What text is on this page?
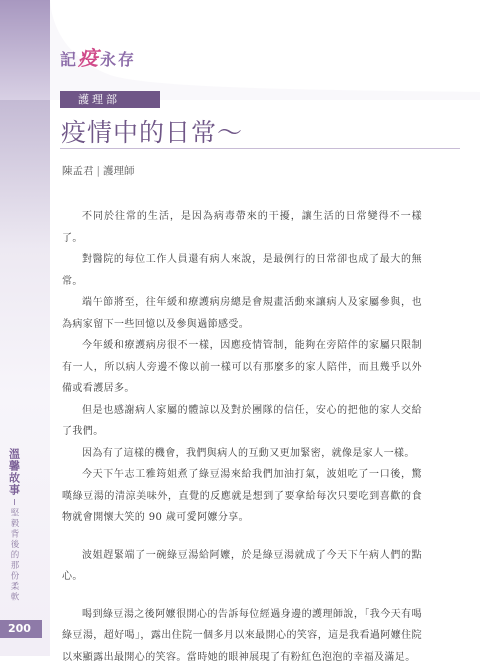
記 疫 永 存
護理部
疫情中的日常～
陳孟君 | 護理師

不同於往常的生活，是因為病毒帶來的干擾，讓生活的日常變得不一樣了。

對醫院的每位工作人員還有病人來說，是最例行的日常卻也成了最大的無常。

端午節將至，往年緩和療護病房總是會規畫活動來讓病人及家屬參與，也為病家留下一些回憶以及參與過節感受。

今年緩和療護病房很不一樣，因應疫情管制，能夠在旁陪伴的家屬只限制有一人，所以病人旁邊不像以前一樣可以有那麼多的家人陪伴，而且幾乎以外備或看護居多。

但是也感謝病人家屬的體諒以及對於團隊的信任，安心的把他的家人交給了我們。

因為有了這樣的機會，我們與病人的互動又更加緊密，就像是家人一樣。

今天下午志工雅筠姐煮了綠豆湯來給我們加油打氣，波姐吃了一口後，驚嘆綠豆湯的清涼美味外，直覺的反應就是想到了要拿給每次只要吃到喜歡的食物就會開懷大笑的 90 歲可愛阿嬤分享。

波姐趕緊端了一碗綠豆湯給阿嬤，於是綠豆湯就成了今天下午病人們的點心。

喝到綠豆湯之後阿嬤很開心的告訴每位經過身邊的護理師說，「我今天有喝綠豆湯，超好喝」，露出住院一個多月以來最開心的笑容，這是我看過阿嬤住院以來顯露出最開心的笑容。當時她的眼神展現了有粉紅色泡泡的幸福及滿足。

溫馨故事
堅毅背後的那份柔軟
200
